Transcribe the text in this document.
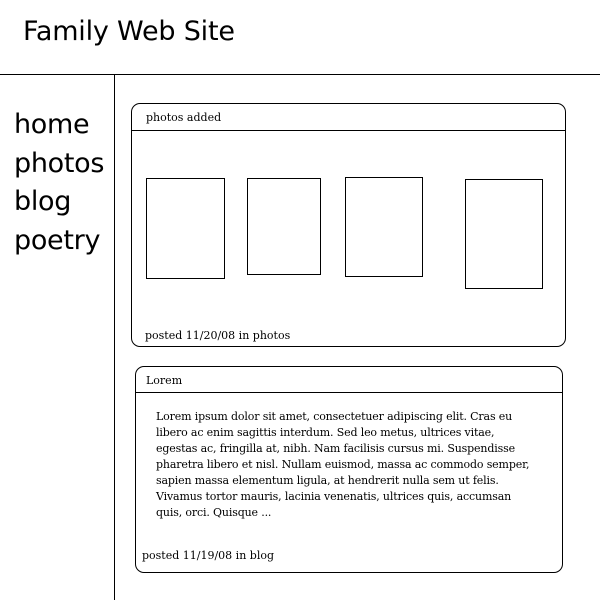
Family Web Site
home
photos
blog
poetry
photos added
posted 11/20/08 in photos
Lorem
Lorem ipsum dolor sit amet, consectetuer adipiscing elit. Cras eu libero ac enim sagittis interdum. Sed leo metus, ultrices vitae, egestas ac, fringilla at, nibh. Nam facilisis cursus mi. Suspendisse pharetra libero et nisl. Nullam euismod, massa ac commodo semper, sapien massa elementum ligula, at hendrerit nulla sem ut felis. Vivamus tortor mauris, lacinia venenatis, ultrices quis, accumsan quis, orci. Quisque ...
posted 11/19/08 in blog
